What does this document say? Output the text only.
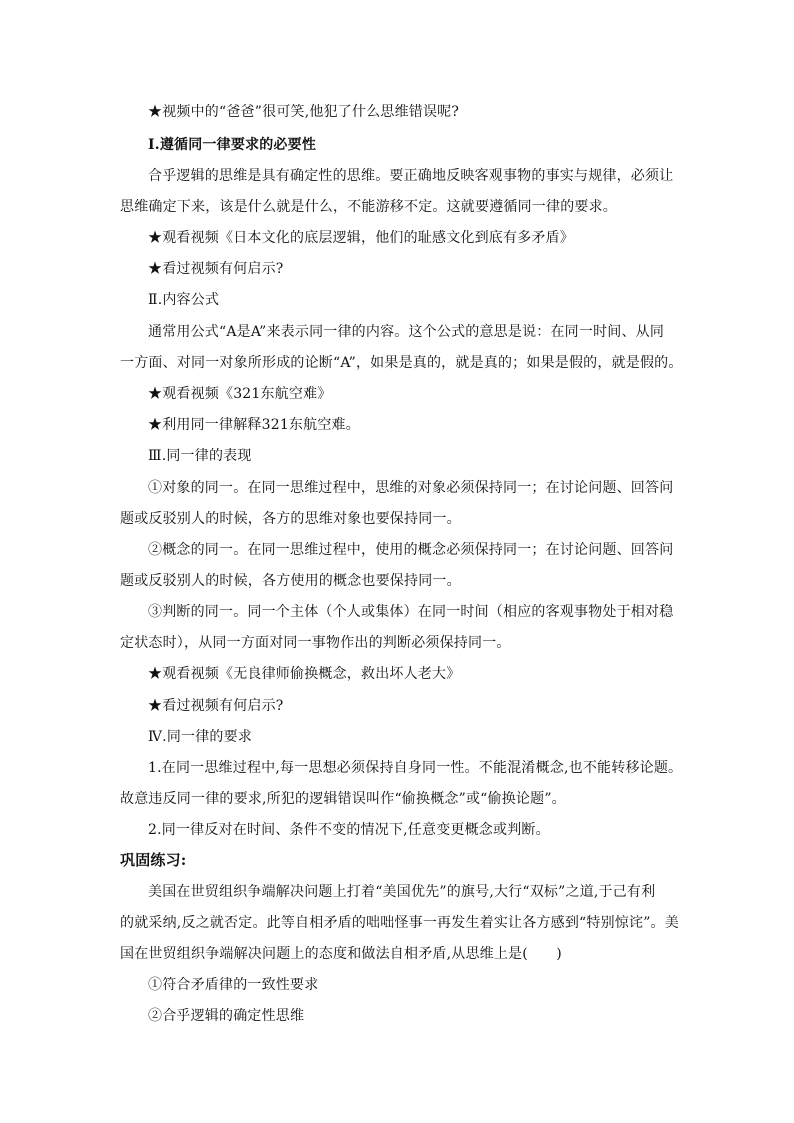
★视频中的“爸爸”很可笑,他犯了什么思维错误呢?
Ⅰ.遵循同一律要求的必要性
合乎逻辑的思维是具有确定性的思维。要正确地反映客观事物的事实与规律，必须让
思维确定下来，该是什么就是什么，不能游移不定。这就要遵循同一律的要求。
★观看视频《日本文化的底层逻辑，他们的耻感文化到底有多矛盾》
★看过视频有何启示?
Ⅱ.内容公式
通常用公式“A是A”来表示同一律的内容。这个公式的意思是说：在同一时间、从同
一方面、对同一对象所形成的论断“A”，如果是真的，就是真的；如果是假的，就是假的。
★观看视频《321东航空难》
★利用同一律解释321东航空难。
Ⅲ.同一律的表现
①对象的同一。在同一思维过程中，思维的对象必须保持同一；在讨论问题、回答问
题或反驳别人的时候，各方的思维对象也要保持同一。
②概念的同一。在同一思维过程中，使用的概念必须保持同一；在讨论问题、回答问
题或反驳别人的时候，各方使用的概念也要保持同一。
③判断的同一。同一个主体（个人或集体）在同一时间（相应的客观事物处于相对稳
定状态时），从同一方面对同一事物作出的判断必须保持同一。
★观看视频《无良律师偷换概念，救出坏人老大》
★看过视频有何启示?
Ⅳ.同一律的要求
1.在同一思维过程中,每一思想必须保持自身同一性。不能混淆概念,也不能转移论题。
故意违反同一律的要求,所犯的逻辑错误叫作“偷换概念”或“偷换论题”。
2.同一律反对在时间、条件不变的情况下,任意变更概念或判断。
巩固练习:
美国在世贸组织争端解决问题上打着“美国优先”的旗号,大行“双标”之道,于己有利
的就采纳,反之就否定。此等自相矛盾的咄咄怪事一再发生着实让各方感到“特别惊诧”。美
国在世贸组织争端解决问题上的态度和做法自相矛盾,从思维上是(　　)
①符合矛盾律的一致性要求
②合乎逻辑的确定性思维
